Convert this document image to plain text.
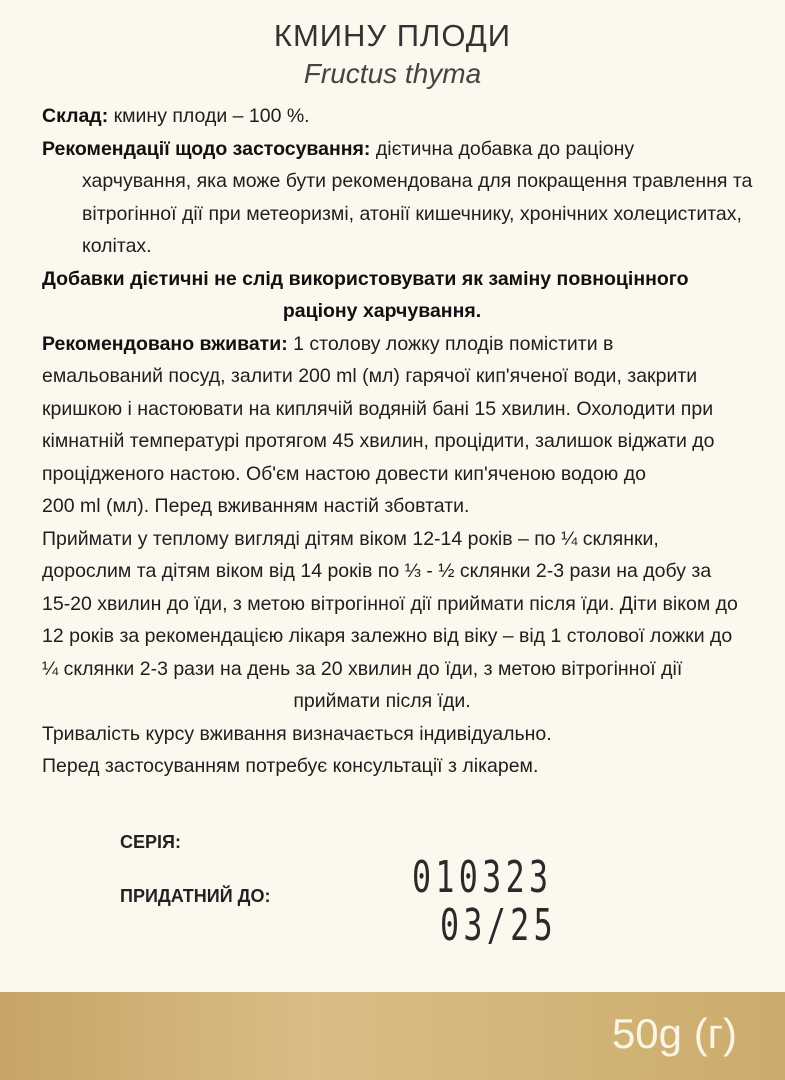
КМИНУ ПЛОДИ
Fructus thyma

Склад: кмину плоди – 100 %.

Рекомендації щодо застосування: дієтична добавка до раціону

харчування, яка може бути рекомендована для покращення травлення та

вітрогінної дії при метеоризмі, атонії кишечнику, хронічних холециститах,

колітах.

Добавки дієтичні не слід використовувати як заміну повноцінного

раціону харчування.

Рекомендовано вживати: 1 столову ложку плодів помістити в

емальований посуд, залити 200 ml (мл) гарячої кип'яченої води, закрити

кришкою і настоювати на киплячій водяній бані 15 хвилин. Охолодити при

кімнатній температурі протягом 45 хвилин, процідити, залишок віджати до

процідженого настою. Об'єм настою довести кип'яченою водою до

200 ml (мл). Перед вживанням настій збовтати.

Приймати у теплому вигляді дітям віком 12-14 років – по ¼ склянки,

дорослим та дітям віком від 14 років по ⅓ - ½ склянки 2-3 рази на добу за

15-20 хвилин до їди, з метою вітрогінної дії приймати після їди. Діти віком до

12 років за рекомендацією лікаря залежно від віку – від 1 столової ложки до

¼ склянки 2-3 рази на день за 20 хвилин до їди, з метою вітрогінної дії

приймати після їди.

Тривалість курсу вживання визначається індивідуально.

Перед застосуванням потребує консультації з лікарем.

СЕРІЯ:
ПРИДАТНИЙ ДО:	010323
03/25
50g (г)
